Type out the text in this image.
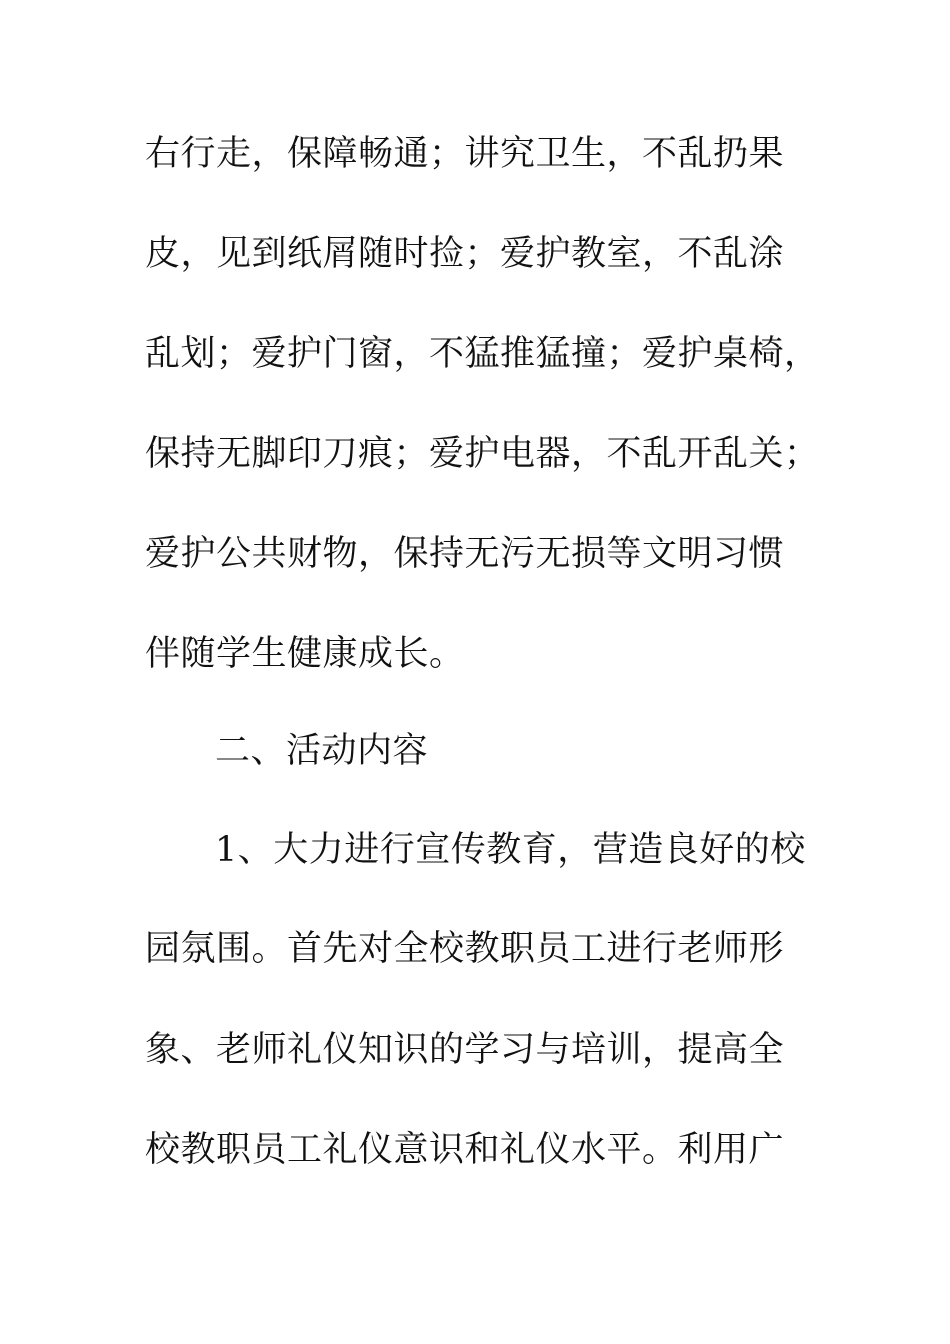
右行走，保障畅通；讲究卫生，不乱扔果
皮，见到纸屑随时捡；爱护教室，不乱涂
乱划；爱护门窗，不猛推猛撞；爱护桌椅，
保持无脚印刀痕；爱护电器，不乱开乱关；
爱护公共财物，保持无污无损等文明习惯
伴随学生健康成长。
二、活动内容
1、大力进行宣传教育，营造良好的校
园氛围。首先对全校教职员工进行老师形
象、老师礼仪知识的学习与培训，提高全
校教职员工礼仪意识和礼仪水平。利用广
